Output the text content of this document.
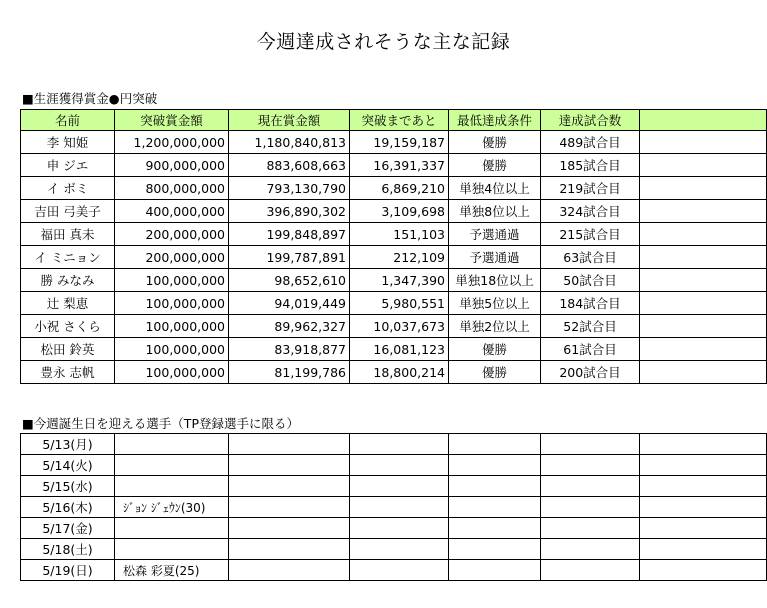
今週達成されそうな主な記録
■生涯獲得賞金●円突破
名前	突破賞金額	現在賞金額	突破まであと	最低達成条件	達成試合数	
李 知姫	1,200,000,000	1,180,840,813	19,159,187	優勝	489試合目	
申 ジエ	900,000,000	883,608,663	16,391,337	優勝	185試合目	
イ ボミ	800,000,000	793,130,790	6,869,210	単独4位以上	219試合目	
吉田 弓美子	400,000,000	396,890,302	3,109,698	単独8位以上	324試合目	
福田 真未	200,000,000	199,848,897	151,103	予選通過	215試合目	
イ ミニョン	200,000,000	199,787,891	212,109	予選通過	63試合目	
勝 みなみ	100,000,000	98,652,610	1,347,390	単独18位以上	50試合目	
辻 梨恵	100,000,000	94,019,449	5,980,551	単独5位以上	184試合目	
小祝 さくら	100,000,000	89,962,327	10,037,673	単独2位以上	52試合目	
松田 鈴英	100,000,000	83,918,877	16,081,123	優勝	61試合目	
豊永 志帆	100,000,000	81,199,786	18,800,214	優勝	200試合目	
■今週誕生日を迎える選手（TP登録選手に限る）
5/13(月)						
5/14(火)						
5/15(水)						
5/16(木)	ｼﾞｮﾝ ｼﾞｪｳﾝ(30)					
5/17(金)						
5/18(土)						
5/19(日)	松森 彩夏(25)					
